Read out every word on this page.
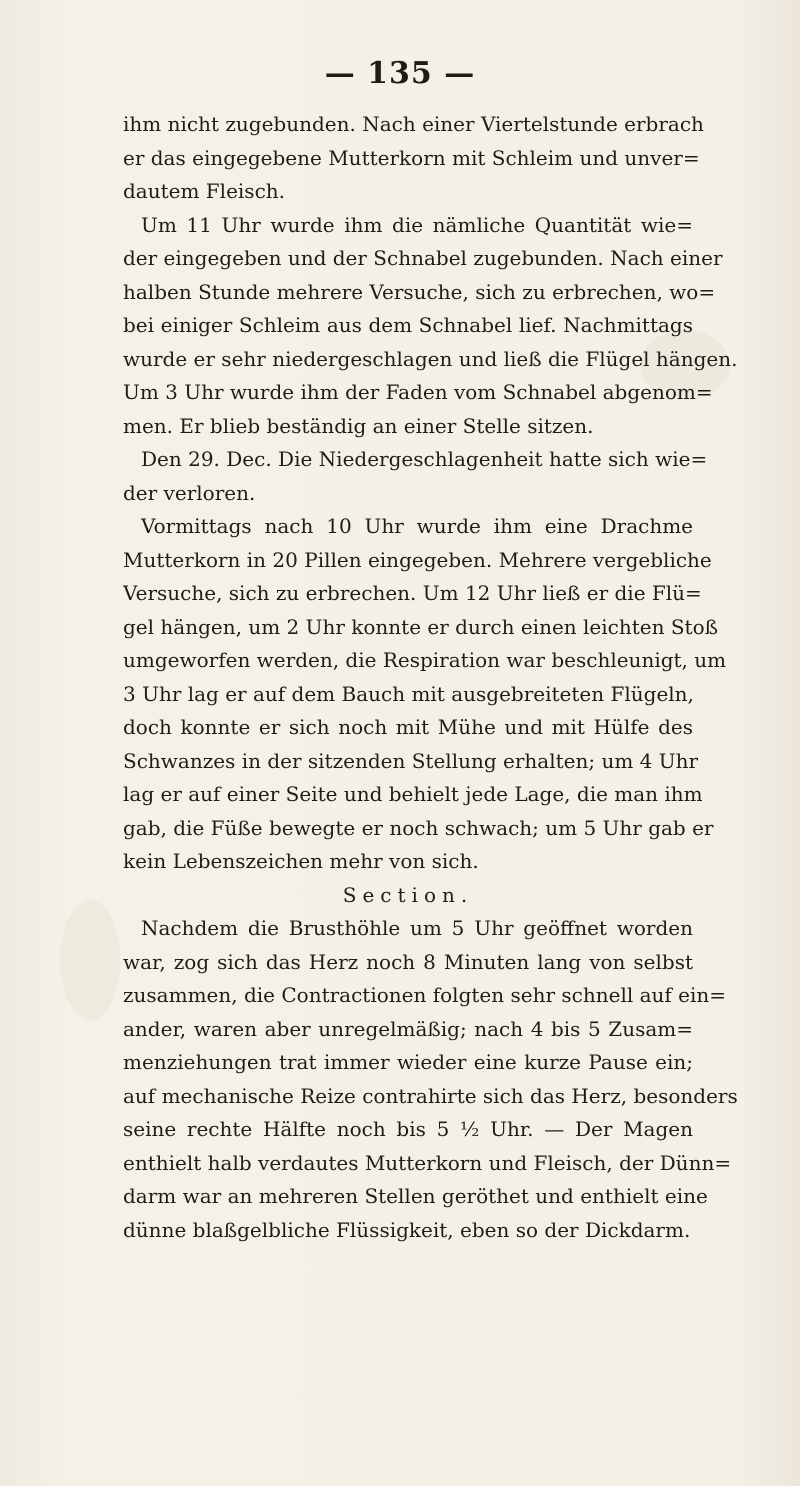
— 135 —
ihm nicht zugebunden. Nach einer Viertelstunde erbrach
er das eingegebene Mutterkorn mit Schleim und unver=
dautem Fleisch.
Um 11 Uhr wurde ihm die nämliche Quantität wie=
der eingegeben und der Schnabel zugebunden. Nach einer
halben Stunde mehrere Versuche, sich zu erbrechen, wo=
bei einiger Schleim aus dem Schnabel lief. Nachmittags
wurde er sehr niedergeschlagen und ließ die Flügel hängen.
Um 3 Uhr wurde ihm der Faden vom Schnabel abgenom=
men. Er blieb beständig an einer Stelle sitzen.
Den 29. Dec. Die Niedergeschlagenheit hatte sich wie=
der verloren.
Vormittags nach 10 Uhr wurde ihm eine Drachme
Mutterkorn in 20 Pillen eingegeben. Mehrere vergebliche
Versuche, sich zu erbrechen. Um 12 Uhr ließ er die Flü=
gel hängen, um 2 Uhr konnte er durch einen leichten Stoß
umgeworfen werden, die Respiration war beschleunigt, um
3 Uhr lag er auf dem Bauch mit ausgebreiteten Flügeln,
doch konnte er sich noch mit Mühe und mit Hülfe des
Schwanzes in der sitzenden Stellung erhalten; um 4 Uhr
lag er auf einer Seite und behielt jede Lage, die man ihm
gab, die Füße bewegte er noch schwach; um 5 Uhr gab er
kein Lebenszeichen mehr von sich.
Section.
Nachdem die Brusthöhle um 5 Uhr geöffnet worden
war, zog sich das Herz noch 8 Minuten lang von selbst
zusammen, die Contractionen folgten sehr schnell auf ein=
ander, waren aber unregelmäßig; nach 4 bis 5 Zusam=
menziehungen trat immer wieder eine kurze Pause ein;
auf mechanische Reize contrahirte sich das Herz, besonders
seine rechte Hälfte noch bis 5 ½ Uhr. — Der Magen
enthielt halb verdautes Mutterkorn und Fleisch, der Dünn=
darm war an mehreren Stellen geröthet und enthielt eine
dünne blaßgelbliche Flüssigkeit, eben so der Dickdarm.
